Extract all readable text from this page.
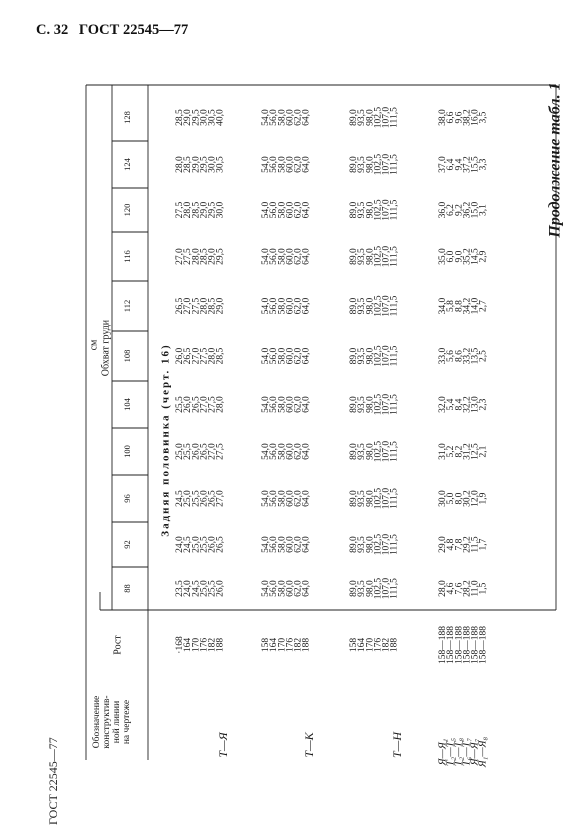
С. 32 ГОСТ 22545—77
ГОСТ 22545—77
Обозначение конструктив- ной линии на чертеже
Рост
см Обхват груди
88
92
96
100
104
108
112
116
120
124
128
Задняя половинка (черт. 16)
Продолжение табл. 1
Т—Я
·168
23,5
24,0
24,5
25,0
25,5
26,0
26,5
27,0
27,5
28,0
28,5
164
24,0
24,5
25,0
25,5
26,0
26,5
27,0
27,5
28,0
28,5
29,0
170
24,5
25,0
25,5
26,0
26,5
27,0
27,5
28,0
28,5
29,0
29,5
176
25,0
25,5
26,0
26,5
27,0
27,5
28,0
28,5
29,0
29,5
30,0
182
25,5
26,0
26,5
27,0
27,5
28,0
28,5
29,0
29,5
30,0
30,5
188
26,0
26,5
27,0
27,5
28,0
28,5
29,0
29,5
30,0
30,5
40,0
Т—К
158
54,0
54,0
54,0
54,0
54,0
54,0
54,0
54,0
54,0
54,0
54,0
164
56,0
56,0
56,0
56,0
56,0
56,0
56,0
56,0
56,0
56,0
56,0
170
58,0
58,0
58,0
58,0
58,0
58,0
58,0
58,0
58,0
58,0
58,0
176
60,0
60,0
60,0
60,0
60,0
60,0
60,0
60,0
60,0
60,0
60,0
182
62,0
62,0
62,0
62,0
62,0
62,0
62,0
62,0
62,0
62,0
62,0
188
64,0
64,0
64,0
64,0
64,0
64,0
64,0
64,0
64,0
64,0
64,0
Т—Н
158
89,0
89,0
89,0
89,0
89,0
89,0
89,0
89,0
89,0
89,0
89,0
164
93,5
93,5
93,5
93,5
93,5
93,5
93,5
93,5
93,5
93,5
93,5
170
98,0
98,0
98,0
98,0
98,0
98,0
98,0
98,0
98,0
98,0
98,0
176
102,5
102,5
102,5
102,5
102,5
102,5
102,5
102,5
102,5
102,5
102,5
182
107,0
107,0
107,0
107,0
107,0
107,0
107,0
107,0
107,0
107,0
107,0
188
111,5
111,5
111,5
111,5
111,5
111,5
111,5
111,5
111,5
111,5
111,5
Я—Я₁
Т₂—Т₅
Т₂—Т₈
Т₆—Т₇
Я—Я₇
Я₁—Я₈
158—188
28,0
29,0
30,0
31,0
32,0
33,0
34,0
35,0
36,0
37,0
38,0
158—188
4,6
4,8
5,0
5,2
5,4
5,6
5,8
6,0
6,2
6,4
6,6
158—188
7,6
7,8
8,0
8,2
8,4
8,6
8,8
9,0
9,2
9,4
9,6
158—188
28,2
29,2
30,2
31,2
32,2
33,2
34,2
35,2
36,2
37,2
38,2
158—188
11,0
11,5
12,0
12,5
13,0
13,5
14,0
14,5
15,0
15,5
16,0
158—188
1,5
1,7
1,9
2,1
2,3
2,5
2,7
2,9
3,1
3,3
3,5
